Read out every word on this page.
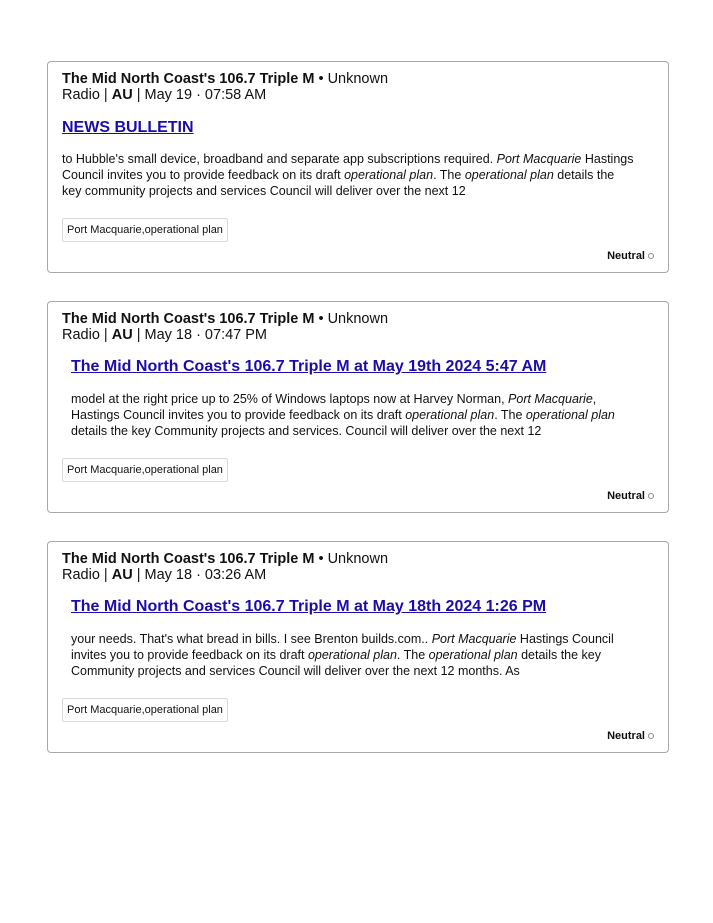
The Mid North Coast's 106.7 Triple M • Unknown
Radio | AU | May 19 · 07:58 AM
NEWS BULLETIN
to Hubble's small device, broadband and separate app subscriptions required. Port Macquarie Hastings Council invites you to provide feedback on its draft operational plan. The operational plan details the key community projects and services Council will deliver over the next 12
Port Macquarie,operational plan
Neutral
The Mid North Coast's 106.7 Triple M • Unknown
Radio | AU | May 18 · 07:47 PM
The Mid North Coast's 106.7 Triple M at May 19th 2024 5:47 AM
model at the right price up to 25% of Windows laptops now at Harvey Norman, Port Macquarie, Hastings Council invites you to provide feedback on its draft operational plan. The operational plan details the key Community projects and services. Council will deliver over the next 12
Port Macquarie,operational plan
Neutral
The Mid North Coast's 106.7 Triple M • Unknown
Radio | AU | May 18 · 03:26 AM
The Mid North Coast's 106.7 Triple M at May 18th 2024 1:26 PM
your needs. That's what bread in bills. I see Brenton builds.com.. Port Macquarie Hastings Council invites you to provide feedback on its draft operational plan. The operational plan details the key Community projects and services Council will deliver over the next 12 months. As
Port Macquarie,operational plan
Neutral
